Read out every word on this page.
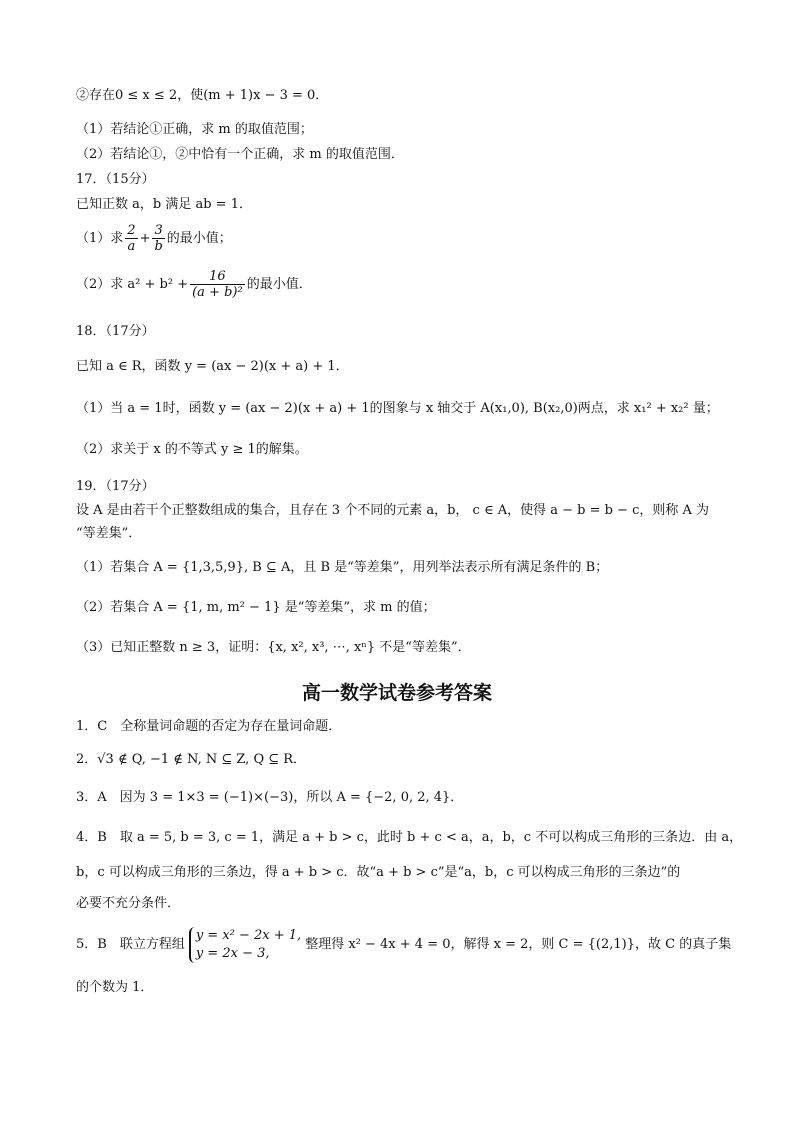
②存在0 ≤ x ≤ 2，使(m + 1)x − 3 = 0．
（1）若结论①正确，求 m 的取值范围；
（2）若结论①，②中恰有一个正确，求 m 的取值范围．
17．（15分）
已知正数 a，b 满足 ab = 1．
（1）求 $\frac{2}{a} + \frac{3}{b}$ 的最小值；
（2）求 $a^2 + b^2 + \frac{16}{\text{(a + b)²}}$ 的最小值．
18．（17分）
已知 a ∈ R，函数 y = (ax − 2)(x + a) + 1．
（1）当 a = 1时，函数 y = (ax − 2)(x + a) + 1的图象与 x 轴交于 A(x₁,0), B(x₂,0)两点，求 x₁² + x₂² 量；
（2）求关于 x 的不等式 y ≥ 1的解集。
19．（17分）
设 A 是由若干个正整数组成的集合，且存在 3 个不同的元素 a，b， c ∈ A，使得 a − b = b − c，则称 A 为
“等差集”．
（1）若集合 A = {1,3,5,9}, B ⊆ A，且 B 是“等差集”，用列举法表示所有满足条件的 B；
（2）若集合 A = {1, m, m² − 1} 是“等差集”，求 m 的值；
（3）已知正整数 n ≥ 3，证明：{x, x², x³, ⋯, xⁿ} 不是“等差集”．
高一数学试卷参考答案
1．C　全称量词命题的否定为存在量词命题．
2．√3 ∉ Q, −1 ∉ N, N ⊆ Z, Q ⊆ R．
3．A　因为 3 = 1×3 = (−1)×(−3)，所以 A = {−2, 0, 2, 4}．
4．B　取 a = 5, b = 3, c = 1，满足 a + b > c，此时 b + c < a，a，b，c 不可以构成三角形的三条边．由 a，
b，c 可以构成三角形的三条边，得 a + b > c．故“a + b > c”是“a，b，c 可以构成三角形的三条边”的
必要不充分条件．
5．B　联立方程组
y = x² − 2x + 1,
y = 2x − 3,
整理得 x² − 4x + 4 = 0，解得 x = 2，则 C = {(2,1)}，故 C 的真子集
的个数为 1．
